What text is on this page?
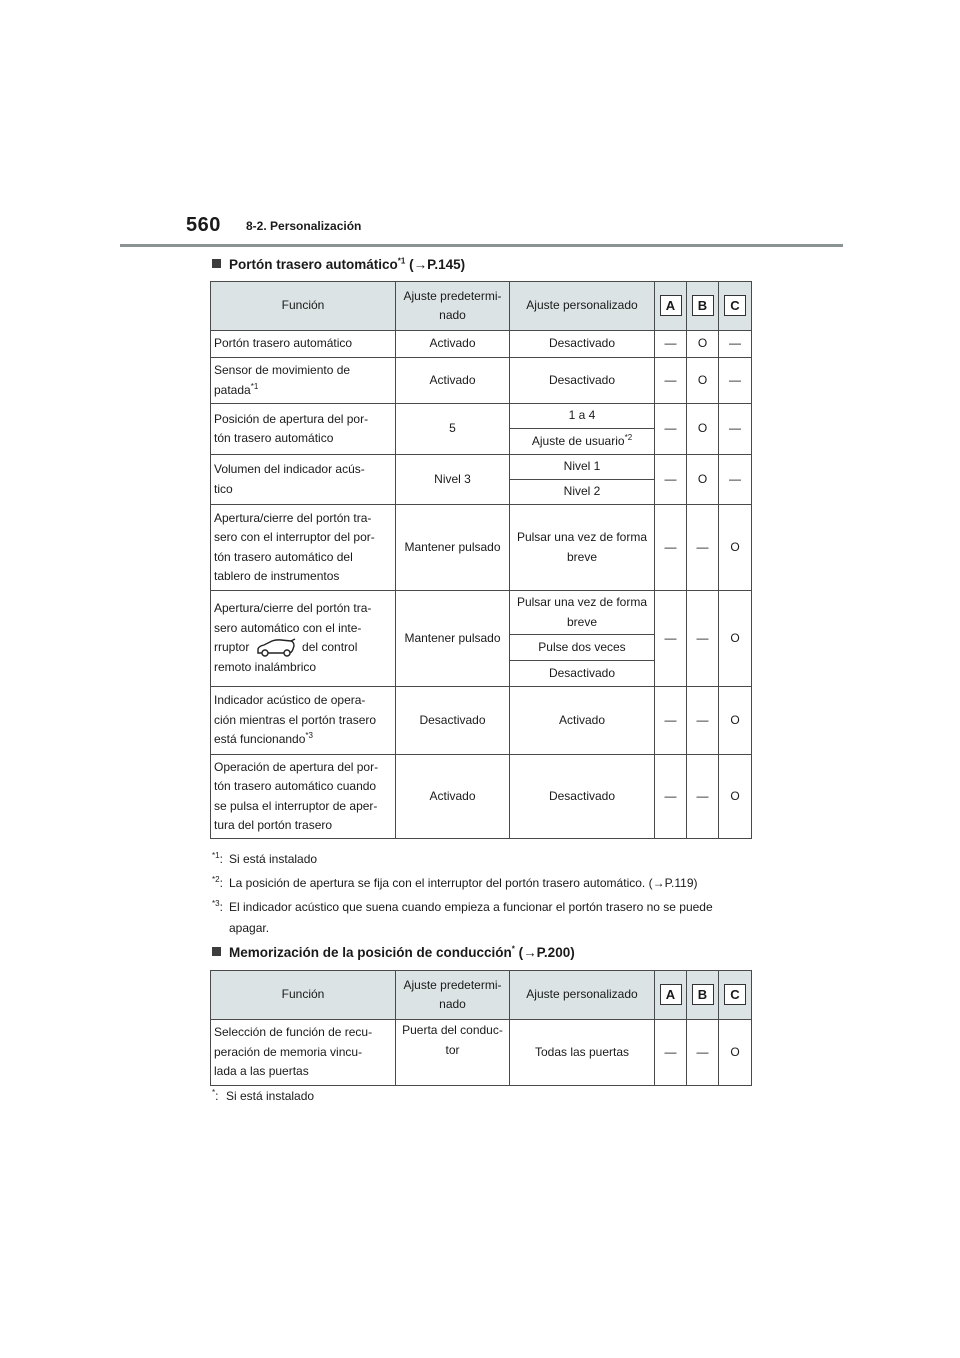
560 8-2. Personalización
Portón trasero automático$^{*1}$ (→P.145)
Función	Ajuste predetermi-
nado	Ajuste personalizado	A	B	C
Portón trasero automático	Activado	Desactivado	—	O	—
Sensor de movimiento de
patada$^{*1}$	Activado	Desactivado	—	O	—
Posición de apertura del por-
tón trasero automático	5	1 a 4	—	O	—
		Ajuste de usuario$^{*2}$
Volumen del indicador acús-
tico	Nivel 3	Nivel 1	—	O	—
		Nivel 2			
Apertura/cierre del portón tra-
sero con el interruptor del por-
tón trasero automático del
tablero de instrumentos	Mantener pulsado	Pulsar una vez de forma
breve	—	—	O
Apertura/cierre del portón tra-
sero automático con el inte-
rruptor del control
remoto inalámbrico	Mantener pulsado	Pulsar una vez de forma
breve	—	—	O
		Pulse dos veces			
		Desactivado			
Indicador acústico de opera-
ción mientras el portón trasero
está funcionando$^{*3}$	Desactivado	Activado	—	—	O
Operación de apertura del por-
tón trasero automático cuando
se pulsa el interruptor de aper-
tura del portón trasero	Activado	Desactivado	—	—	O
$^{*1}$: Si está instalado
$^{*2}$: La posición de apertura se fija con el interruptor del portón trasero automático. (→P.119)
$^{*3}$: El indicador acústico que suena cuando empieza a funcionar el portón trasero no se puede apagar.
Memorización de la posición de conducción* (→P.200)
Función	Ajuste predetermi-
nado	Ajuste personalizado	A	B	C
Selección de función de recu-
peración de memoria vincu-
lada a las puertas	Puerta del conduc-
tor	Todas las puertas	—	—	O
*: Si está instalado
